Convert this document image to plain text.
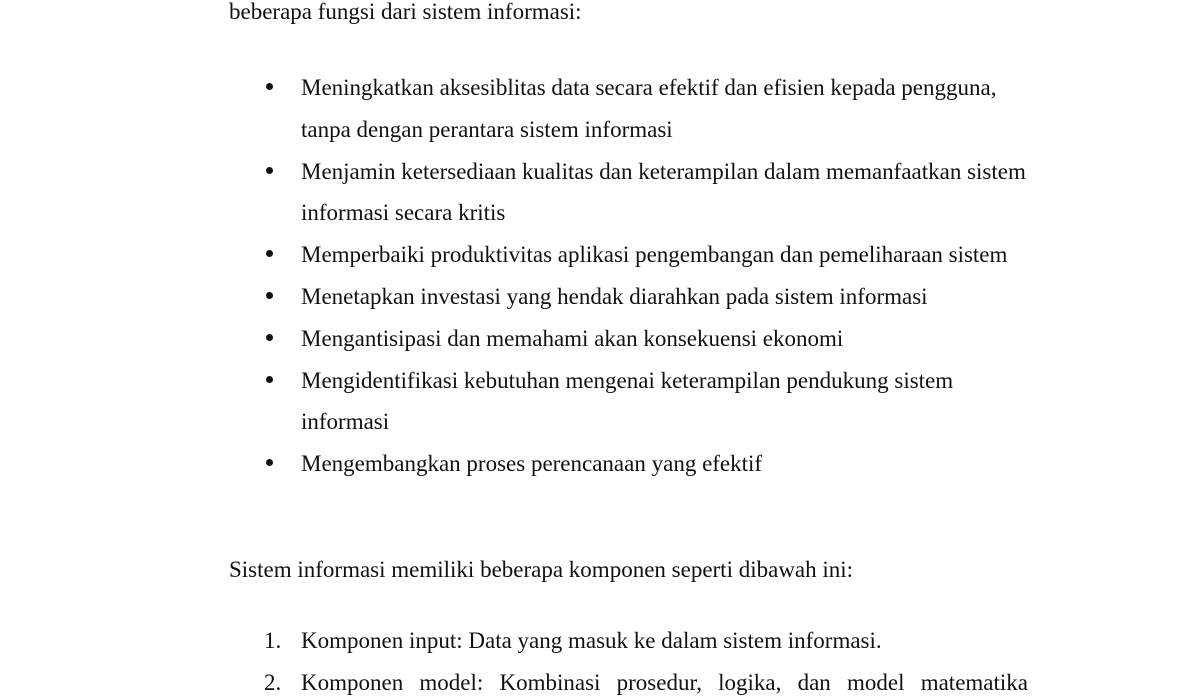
beberapa fungsi dari sistem informasi:

Meningkatkan aksesiblitas data secara efektif dan efisien kepada pengguna, tanpa dengan perantara sistem informasi
Menjamin ketersediaan kualitas dan keterampilan dalam memanfaatkan sistem informasi secara kritis
Memperbaiki produktivitas aplikasi pengembangan dan pemeliharaan sistem
Menetapkan investasi yang hendak diarahkan pada sistem informasi
Mengantisipasi dan memahami akan konsekuensi ekonomi
Mengidentifikasi kebutuhan mengenai keterampilan pendukung sistem informasi
Mengembangkan proses perencanaan yang efektif

Sistem informasi memiliki beberapa komponen seperti dibawah ini:

1. Komponen input: Data yang masuk ke dalam sistem informasi.
2. Komponen model: Kombinasi prosedur, logika, dan model matematika
